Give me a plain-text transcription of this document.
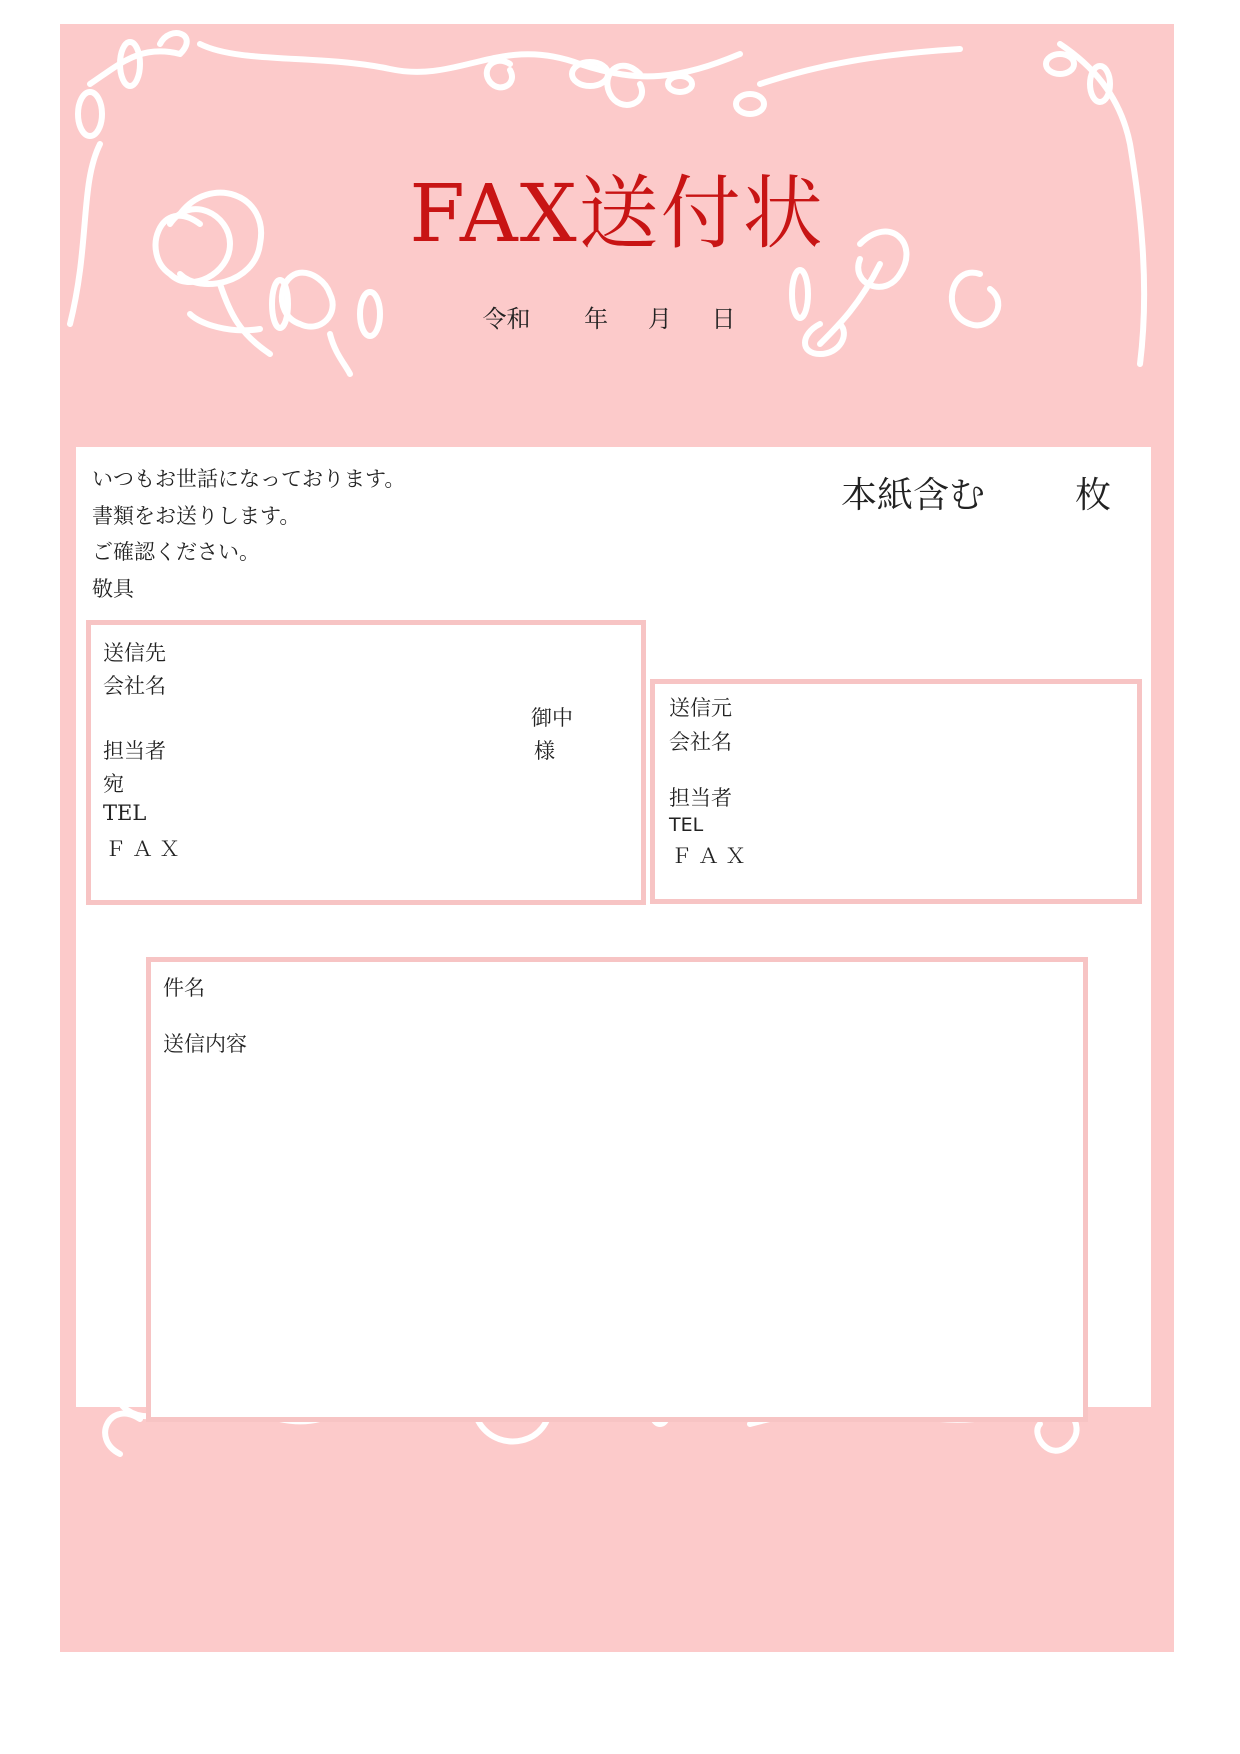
FAX送付状
令和 年 月 日
いつもお世話になっております。
書類をお送りします。
ご確認ください。
敬具
本紙含む	枚
送信先
会社名
御中
担当者	様
宛
TEL
ＦＡＸ
送信元
会社名
担当者
TEL
ＦＡＸ
件名
送信内容
